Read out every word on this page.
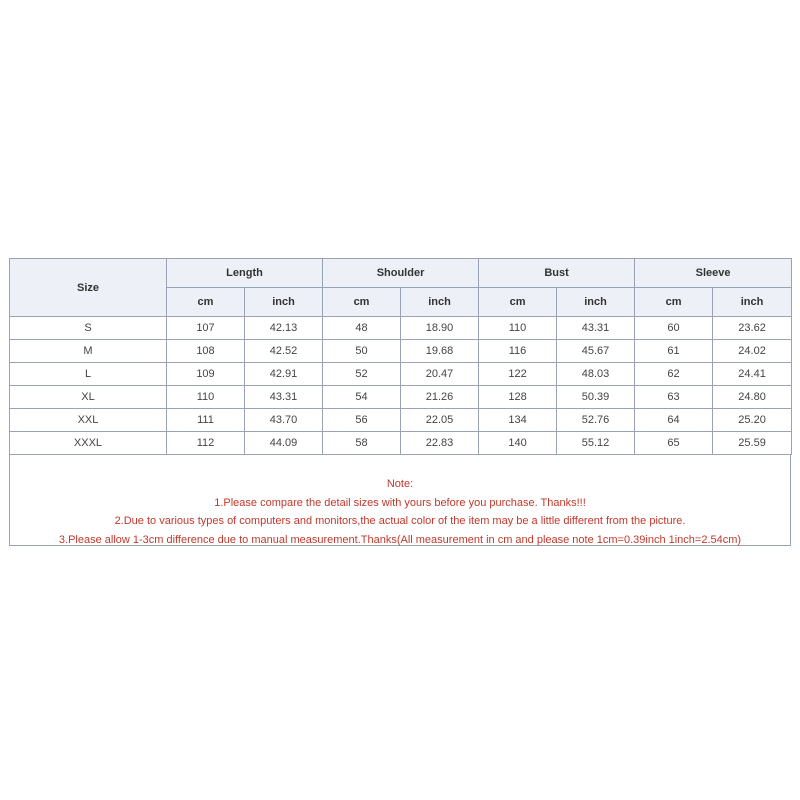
Size	Length		Shoulder		Bust		Sleeve	
	cm	inch	cm	inch	cm	inch	cm	inch
S	107	42.13	48	18.90	110	43.31	60	23.62
M	108	42.52	50	19.68	116	45.67	61	24.02
L	109	42.91	52	20.47	122	48.03	62	24.41
XL	110	43.31	54	21.26	128	50.39	63	24.80
XXL	111	43.70	56	22.05	134	52.76	64	25.20
XXXL	112	44.09	58	22.83	140	55.12	65	25.59
Note:
1.Please compare the detail sizes with yours before you purchase. Thanks!!!
2.Due to various types of computers and monitors,the actual color of the item may be a little different from the picture.
3.Please allow 1-3cm difference due to manual measurement.Thanks(All measurement in cm and please note 1cm=0.39inch 1inch=2.54cm)
